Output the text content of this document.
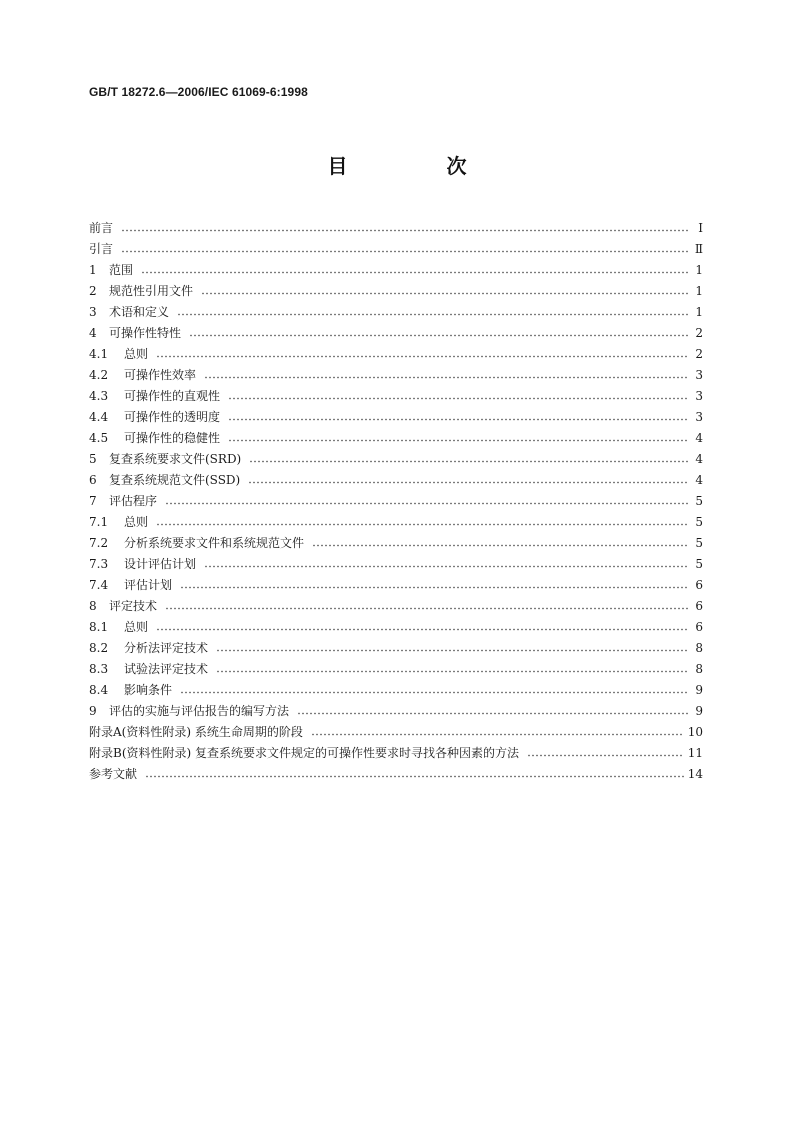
GB/T 18272.6—2006/IEC 61069-6:1998
目 次
前言	Ⅰ
引言	Ⅱ
1	范围	1
2	规范性引用文件	1
3	术语和定义	1
4	可操作性特性	2
4.1	总则	2
4.2	可操作性效率	3
4.3	可操作性的直观性	3
4.4	可操作性的透明度	3
4.5	可操作性的稳健性	4
5	复查系统要求文件(SRD)	4
6	复查系统规范文件(SSD)	4
7	评估程序	5
7.1	总则	5
7.2	分析系统要求文件和系统规范文件	5
7.3	设计评估计划	5
7.4	评估计划	6
8	评定技术	6
8.1	总则	6
8.2	分析法评定技术	8
8.3	试验法评定技术	8
8.4	影响条件	9
9	评估的实施与评估报告的编写方法	9
附录A(资料性附录) 系统生命周期的阶段	10
附录B(资料性附录) 复查系统要求文件规定的可操作性要求时寻找各种因素的方法	11
参考文献	14
